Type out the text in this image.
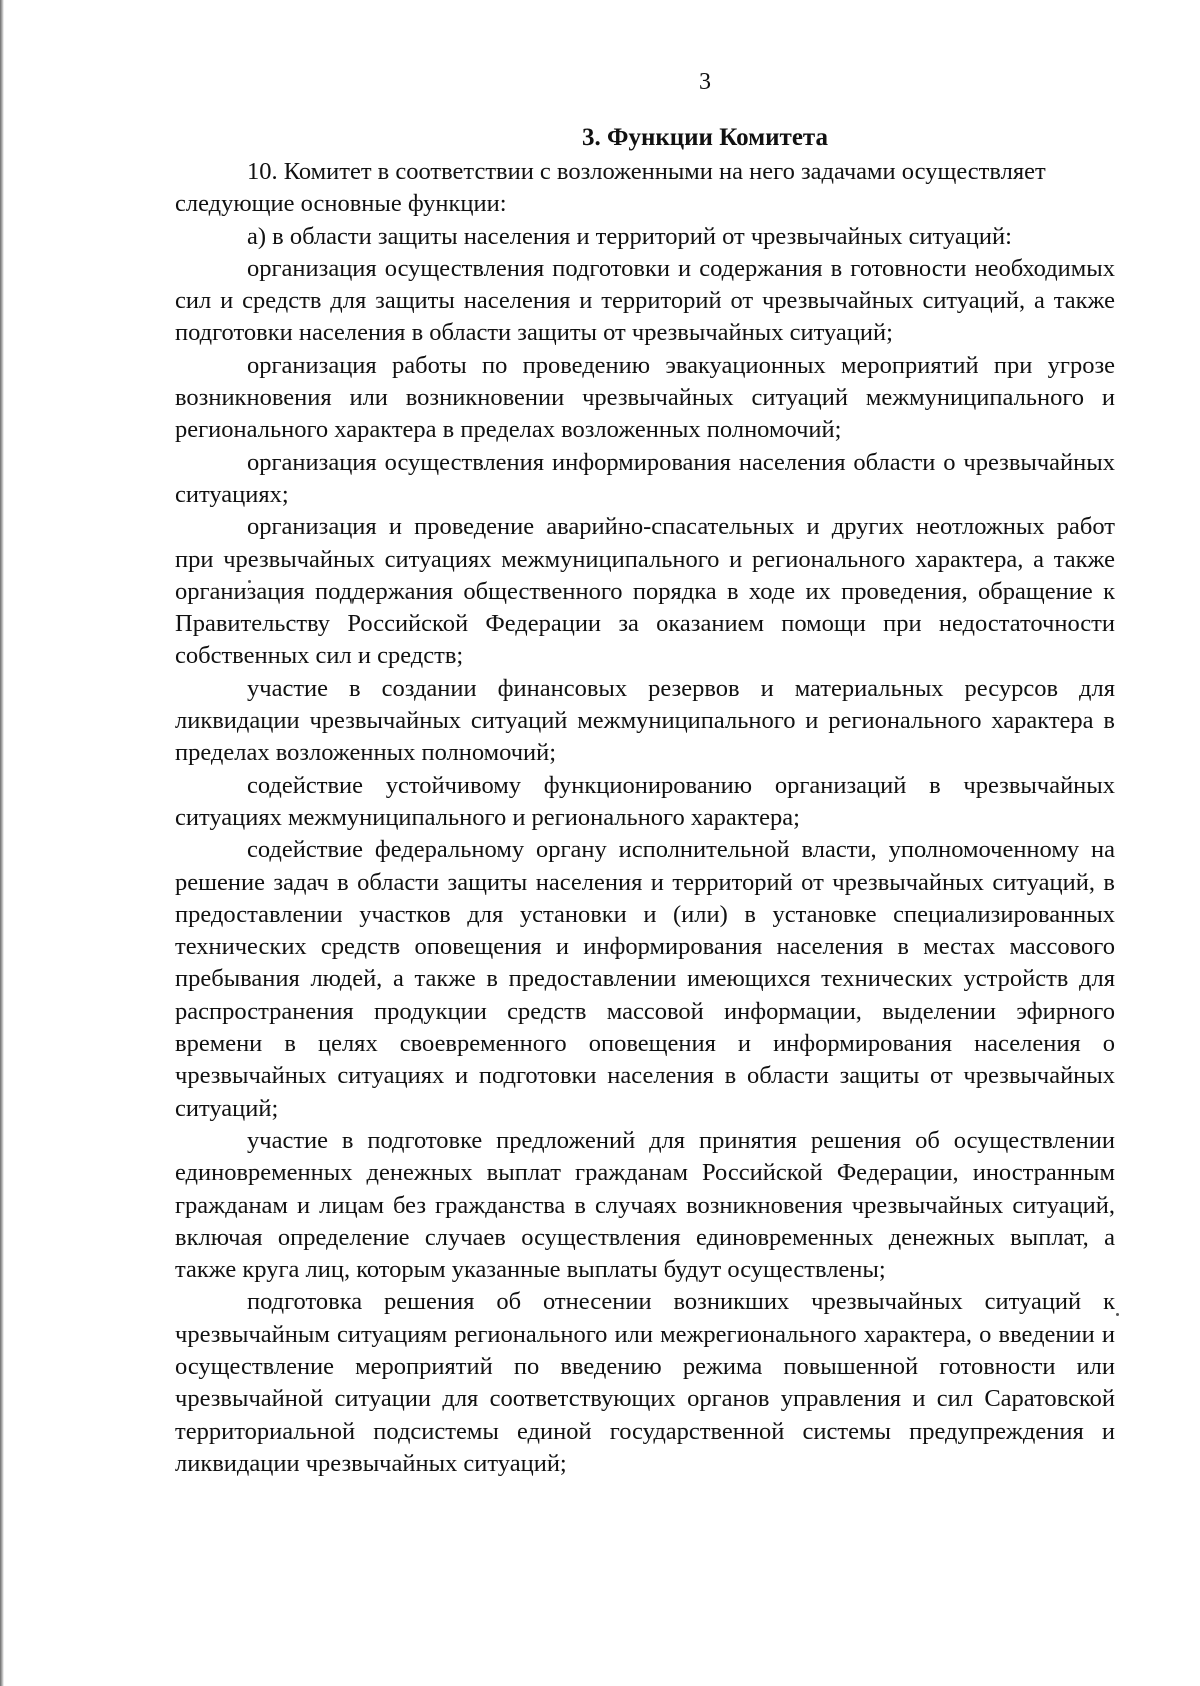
3
3. Функции Комитета

10. Комитет в соответствии с возложенными на него задачами осуществляет следующие основные функции:

а) в области защиты населения и территорий от чрезвычайных ситуаций:

организация осуществления подготовки и содержания в готовности необходимых сил и средств для защиты населения и территорий от чрезвычайных ситуаций, а также подготовки населения в области защиты от чрезвычайных ситуаций;

организация работы по проведению эвакуационных мероприятий при угрозе возникновения или возникновении чрезвычайных ситуаций межмуниципального и регионального характера в пределах возложенных полномочий;

организация осуществления информирования населения области о чрезвычайных ситуациях;

организация и проведение аварийно-спасательных и других неотложных работ при чрезвычайных ситуациях межмуниципального и регионального характера, а также организация поддержания общественного порядка в ходе их проведения, обращение к Правительству Российской Федерации за оказанием помощи при недостаточности собственных сил и средств;

участие в создании финансовых резервов и материальных ресурсов для ликвидации чрезвычайных ситуаций межмуниципального и регионального характера в пределах возложенных полномочий;

содействие устойчивому функционированию организаций в чрезвычайных ситуациях межмуниципального и регионального характера;

содействие федеральному органу исполнительной власти, уполномоченному на решение задач в области защиты населения и территорий от чрезвычайных ситуаций, в предоставлении участков для установки и (или) в установке специализированных технических средств оповещения и информирования населения в местах массового пребывания людей, а также в предоставлении имеющихся технических устройств для распространения продукции средств массовой информации, выделении эфирного времени в целях своевременного оповещения и информирования населения о чрезвычайных ситуациях и подготовки населения в области защиты от чрезвычайных ситуаций;

участие в подготовке предложений для принятия решения об осуществлении единовременных денежных выплат гражданам Российской Федерации, иностранным гражданам и лицам без гражданства в случаях возникновения чрезвычайных ситуаций, включая определение случаев осуществления единовременных денежных выплат, а также круга лиц, которым указанные выплаты будут осуществлены;

подготовка решения об отнесении возникших чрезвычайных ситуаций к чрезвычайным ситуациям регионального или межрегионального характера, о введении и осуществление мероприятий по введению режима повышенной готовности или чрезвычайной ситуации для соответствующих органов управления и сил Саратовской территориальной подсистемы единой государственной системы предупреждения и ликвидации чрезвычайных ситуаций;
